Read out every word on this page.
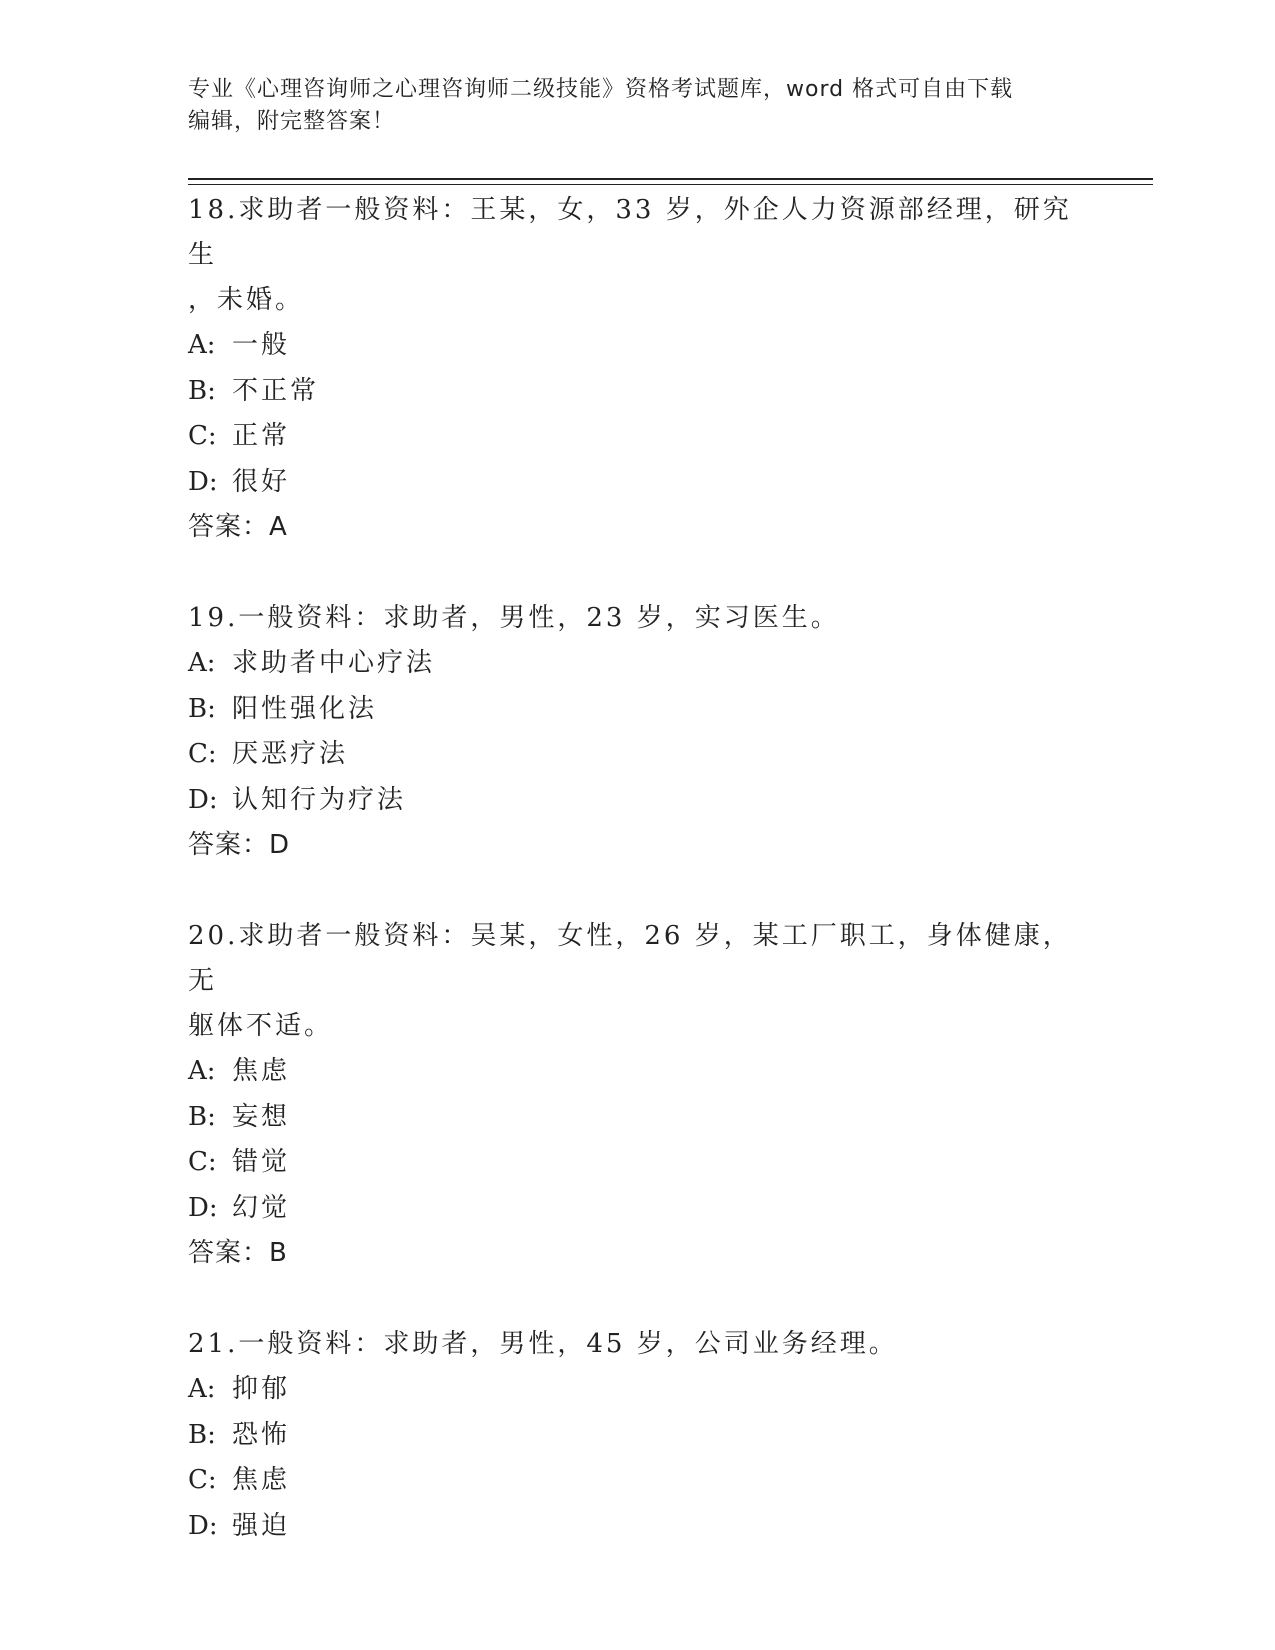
专业《心理咨询师之心理咨询师二级技能》资格考试题库，word 格式可自由下载
编辑，附完整答案！
18.求助者一般资料：王某，女，33 岁，外企人力资源部经理，研究生
，未婚。
A: 一般
B: 不正常
C: 正常
D: 很好
答案：A
19.一般资料：求助者，男性，23 岁，实习医生。
A: 求助者中心疗法
B: 阳性强化法
C: 厌恶疗法
D: 认知行为疗法
答案：D
20.求助者一般资料：吴某，女性，26 岁，某工厂职工，身体健康，无
躯体不适。
A: 焦虑
B: 妄想
C: 错觉
D: 幻觉
答案：B
21.一般资料：求助者，男性，45 岁，公司业务经理。
A: 抑郁
B: 恐怖
C: 焦虑
D: 强迫
